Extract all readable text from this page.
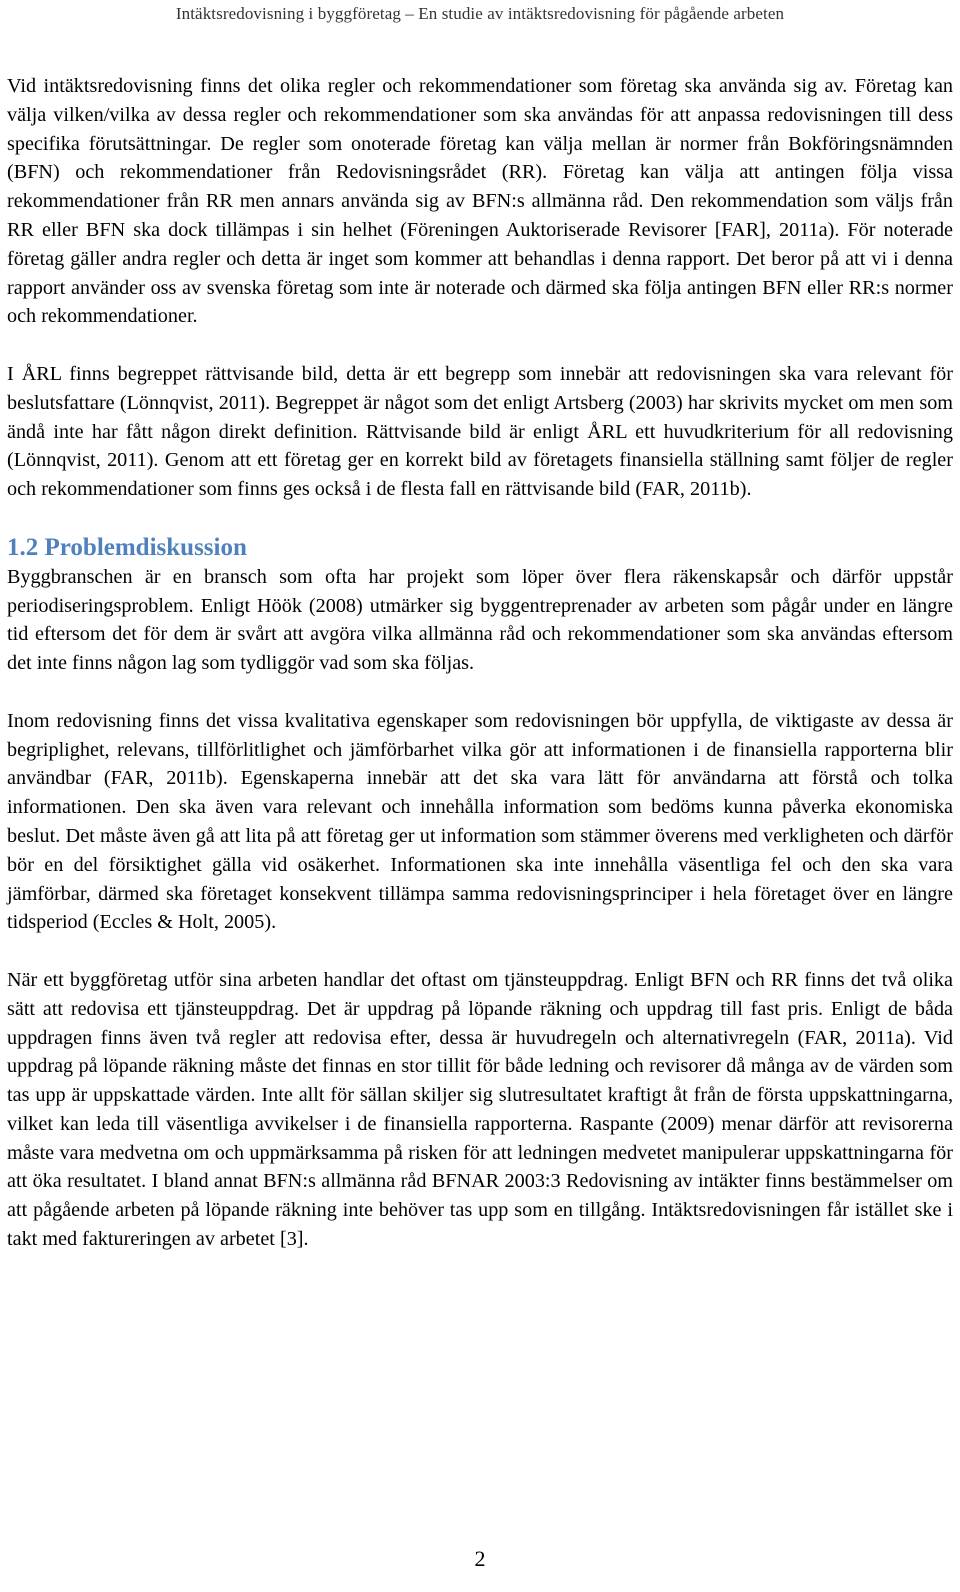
Intäktsredovisning i byggföretag – En studie av intäktsredovisning för pågående arbeten

Vid intäktsredovisning finns det olika regler och rekommendationer som företag ska använda sig av. Företag kan välja vilken/vilka av dessa regler och rekommendationer som ska användas för att anpassa redovisningen till dess specifika förutsättningar. De regler som onoterade företag kan välja mellan är normer från Bokföringsnämnden (BFN) och rekommendationer från Redovisningsrådet (RR). Företag kan välja att antingen följa vissa rekommendationer från RR men annars använda sig av BFN:s allmänna råd. Den rekommendation som väljs från RR eller BFN ska dock tillämpas i sin helhet (Föreningen Auktoriserade Revisorer [FAR], 2011a). För noterade företag gäller andra regler och detta är inget som kommer att behandlas i denna rapport. Det beror på att vi i denna rapport använder oss av svenska företag som inte är noterade och därmed ska följa antingen BFN eller RR:s normer och rekommendationer.

I ÅRL finns begreppet rättvisande bild, detta är ett begrepp som innebär att redovisningen ska vara relevant för beslutsfattare (Lönnqvist, 2011). Begreppet är något som det enligt Artsberg (2003) har skrivits mycket om men som ändå inte har fått någon direkt definition. Rättvisande bild är enligt ÅRL ett huvudkriterium för all redovisning (Lönnqvist, 2011). Genom att ett företag ger en korrekt bild av företagets finansiella ställning samt följer de regler och rekommendationer som finns ges också i de flesta fall en rättvisande bild (FAR, 2011b).

1.2 Problemdiskussion

Byggbranschen är en bransch som ofta har projekt som löper över flera räkenskapsår och därför uppstår periodiseringsproblem. Enligt Höök (2008) utmärker sig byggentreprenader av arbeten som pågår under en längre tid eftersom det för dem är svårt att avgöra vilka allmänna råd och rekommendationer som ska användas eftersom det inte finns någon lag som tydliggör vad som ska följas.

Inom redovisning finns det vissa kvalitativa egenskaper som redovisningen bör uppfylla, de viktigaste av dessa är begriplighet, relevans, tillförlitlighet och jämförbarhet vilka gör att informationen i de finansiella rapporterna blir användbar (FAR, 2011b). Egenskaperna innebär att det ska vara lätt för användarna att förstå och tolka informationen. Den ska även vara relevant och innehålla information som bedöms kunna påverka ekonomiska beslut. Det måste även gå att lita på att företag ger ut information som stämmer överens med verkligheten och därför bör en del försiktighet gälla vid osäkerhet. Informationen ska inte innehålla väsentliga fel och den ska vara jämförbar, därmed ska företaget konsekvent tillämpa samma redovisningsprinciper i hela företaget över en längre tidsperiod (Eccles & Holt, 2005).

När ett byggföretag utför sina arbeten handlar det oftast om tjänsteuppdrag. Enligt BFN och RR finns det två olika sätt att redovisa ett tjänsteuppdrag. Det är uppdrag på löpande räkning och uppdrag till fast pris. Enligt de båda uppdragen finns även två regler att redovisa efter, dessa är huvudregeln och alternativregeln (FAR, 2011a). Vid uppdrag på löpande räkning måste det finnas en stor tillit för både ledning och revisorer då många av de värden som tas upp är uppskattade värden. Inte allt för sällan skiljer sig slutresultatet kraftigt åt från de första uppskattningarna, vilket kan leda till väsentliga avvikelser i de finansiella rapporterna. Raspante (2009) menar därför att revisorerna måste vara medvetna om och uppmärksamma på risken för att ledningen medvetet manipulerar uppskattningarna för att öka resultatet. I bland annat BFN:s allmänna råd BFNAR 2003:3 Redovisning av intäkter finns bestämmelser om att pågående arbeten på löpande räkning inte behöver tas upp som en tillgång. Intäktsredovisningen får istället ske i takt med faktureringen av arbetet [3].

2
